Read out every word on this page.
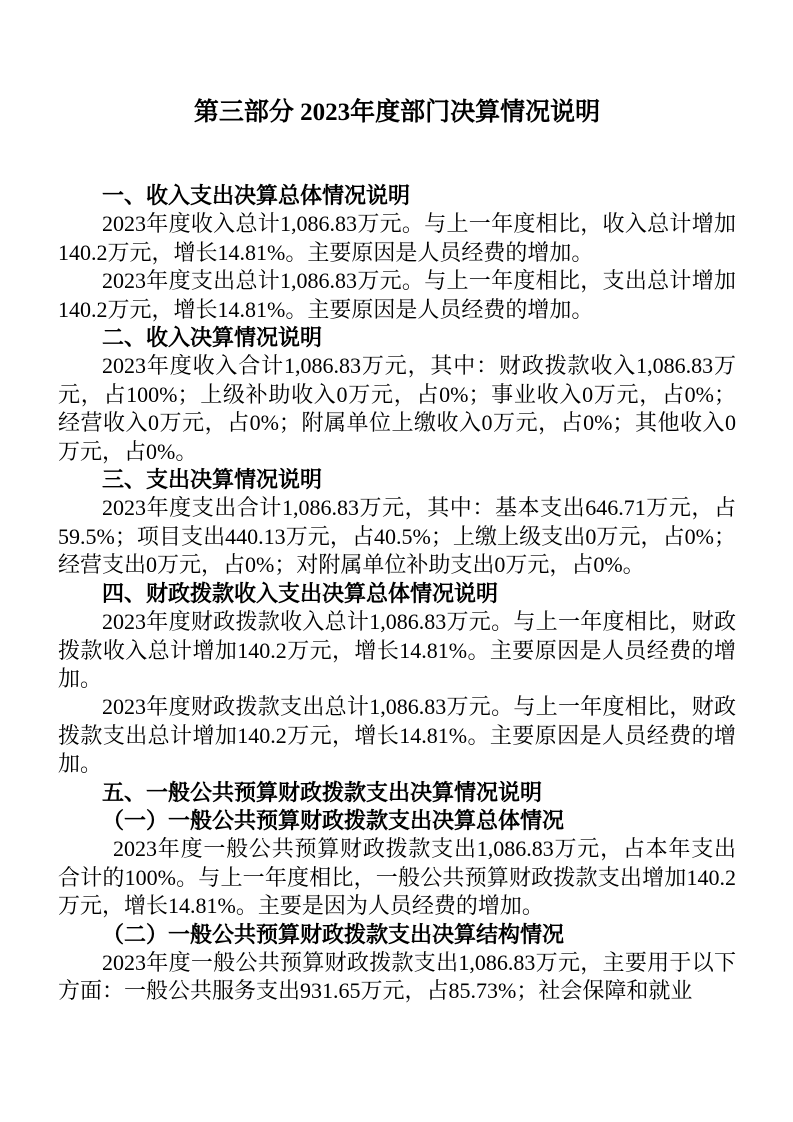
第三部分 2023年度部门决算情况说明
一、收入支出决算总体情况说明

2023年度收入总计1,086.83万元。与上一年度相比，收入总计增加140.2万元，增长14.81%。主要原因是人员经费的增加。

2023年度支出总计1,086.83万元。与上一年度相比，支出总计增加140.2万元，增长14.81%。主要原因是人员经费的增加。

二、收入决算情况说明

2023年度收入合计1,086.83万元，其中：财政拨款收入1,086.83万元，占100%；上级补助收入0万元，占0%；事业收入0万元，占0%；经营收入0万元，占0%；附属单位上缴收入0万元，占0%；其他收入0万元，占0%。

三、支出决算情况说明

2023年度支出合计1,086.83万元，其中：基本支出646.71万元，占59.5%；项目支出440.13万元，占40.5%；上缴上级支出0万元，占0%；经营支出0万元，占0%；对附属单位补助支出0万元，占0%。

四、财政拨款收入支出决算总体情况说明

2023年度财政拨款收入总计1,086.83万元。与上一年度相比，财政拨款收入总计增加140.2万元，增长14.81%。主要原因是人员经费的增加。

2023年度财政拨款支出总计1,086.83万元。与上一年度相比，财政拨款支出总计增加140.2万元，增长14.81%。主要原因是人员经费的增加。

五、一般公共预算财政拨款支出决算情况说明
（一）一般公共预算财政拨款支出决算总体情况

2023年度一般公共预算财政拨款支出1,086.83万元，占本年支出合计的100%。与上一年度相比，一般公共预算财政拨款支出增加140.2万元，增长14.81%。主要是因为人员经费的增加。

（二）一般公共预算财政拨款支出决算结构情况

2023年度一般公共预算财政拨款支出1,086.83万元，主要用于以下方面：一般公共服务支出931.65万元，占85.73%；社会保障和就业
